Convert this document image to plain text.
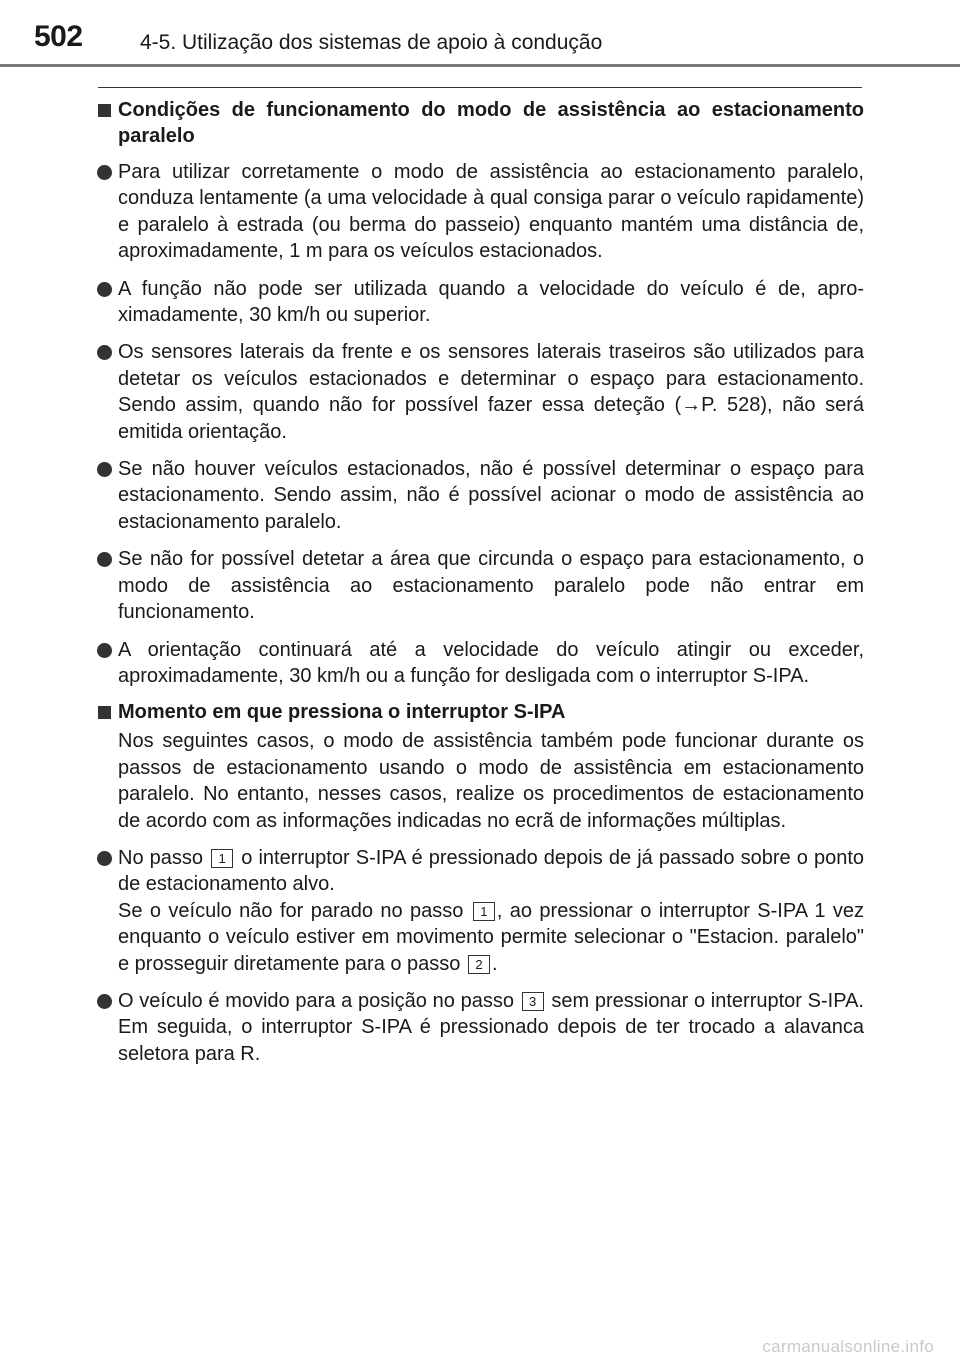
502	4-5. Utilização dos sistemas de apoio à condução
Condições de funcionamento do modo de assistência ao estacionamento paralelo
Para utilizar corretamente o modo de assistência ao estacionamento paralelo, conduza lentamente (a uma velocidade à qual consiga parar o veículo rapidamente) e paralelo à estrada (ou berma do passeio) enquanto mantém uma distância de, aproximadamente, 1 m para os veículos estacionados.
A função não pode ser utilizada quando a velocidade do veículo é de, aproximadamente, 30 km/h ou superior.
Os sensores laterais da frente e os sensores laterais traseiros são utilizados para detetar os veículos estacionados e determinar o espaço para estacionamento. Sendo assim, quando não for possível fazer essa deteção (→P. 528), não será emitida orientação.
Se não houver veículos estacionados, não é possível determinar o espaço para estacionamento. Sendo assim, não é possível acionar o modo de assistência ao estacionamento paralelo.
Se não for possível detetar a área que circunda o espaço para estacionamento, o modo de assistência ao estacionamento paralelo pode não entrar em funcionamento.
A orientação continuará até a velocidade do veículo atingir ou exceder, aproximadamente, 30 km/h ou a função for desligada com o interruptor S-IPA.
Momento em que pressiona o interruptor S-IPA

Nos seguintes casos, o modo de assistência também pode funcionar durante os passos de estacionamento usando o modo de assistência em estacionamento paralelo. No entanto, nesses casos, realize os procedimentos de estacionamento de acordo com as informações indicadas no ecrã de informações múltiplas.

No passo 1 o interruptor S-IPA é pressionado depois de já passado sobre o ponto de estacionamento alvo.

Se o veículo não for parado no passo 1 , ao pressionar o interruptor S-IPA 1 vez enquanto o veículo estiver em movimento permite selecionar o "Estacion. paralelo" e prosseguir diretamente para o passo 2 .

O veículo é movido para a posição no passo 3 sem pressionar o interruptor S-IPA. Em seguida, o interruptor S-IPA é pressionado depois de ter trocado a alavanca seletora para R.
carmanualsonline.info
